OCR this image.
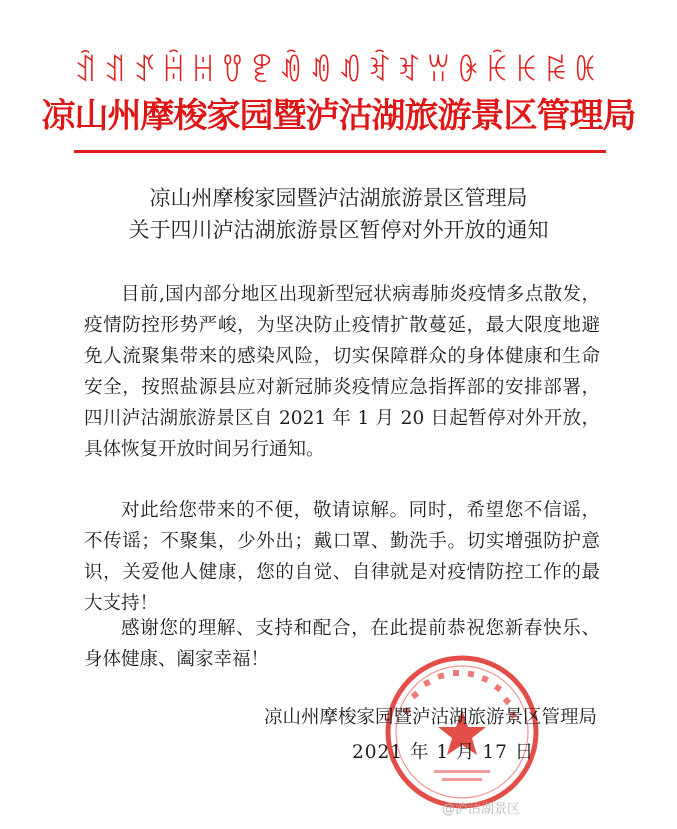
ꀉꀊꀋꀌꀍꀎꀏꀐꀑꀒꀓꀔꀕꀖꀗꀘꀙꀚ
凉山州摩梭家园暨泸沽湖旅游景区管理局
凉山州摩梭家园暨泸沽湖旅游景区管理局
关于四川泸沽湖旅游景区暂停对外开放的通知

目前,国内部分地区出现新型冠状病毒肺炎疫情多点散发，疫情防控形势严峻，为坚决防止疫情扩散蔓延，最大限度地避免人流聚集带来的感染风险，切实保障群众的身体健康和生命安全，按照盐源县应对新冠肺炎疫情应急指挥部的安排部署，四川泸沽湖旅游景区自 2021 年 1 月 20 日起暂停对外开放，具体恢复开放时间另行通知。

对此给您带来的不便，敬请谅解。同时，希望您不信谣，不传谣；不聚集，少外出；戴口罩、勤洗手。切实增强防护意识，关爱他人健康，您的自觉、自律就是对疫情防控工作的最大支持！

感谢您的理解、支持和配合，在此提前恭祝您新春快乐、身体健康、阖家幸福！

凉山州摩梭家园暨泸沽湖旅游景区管理局
2021 年 1 月 17 日
@泸沽湖景区
